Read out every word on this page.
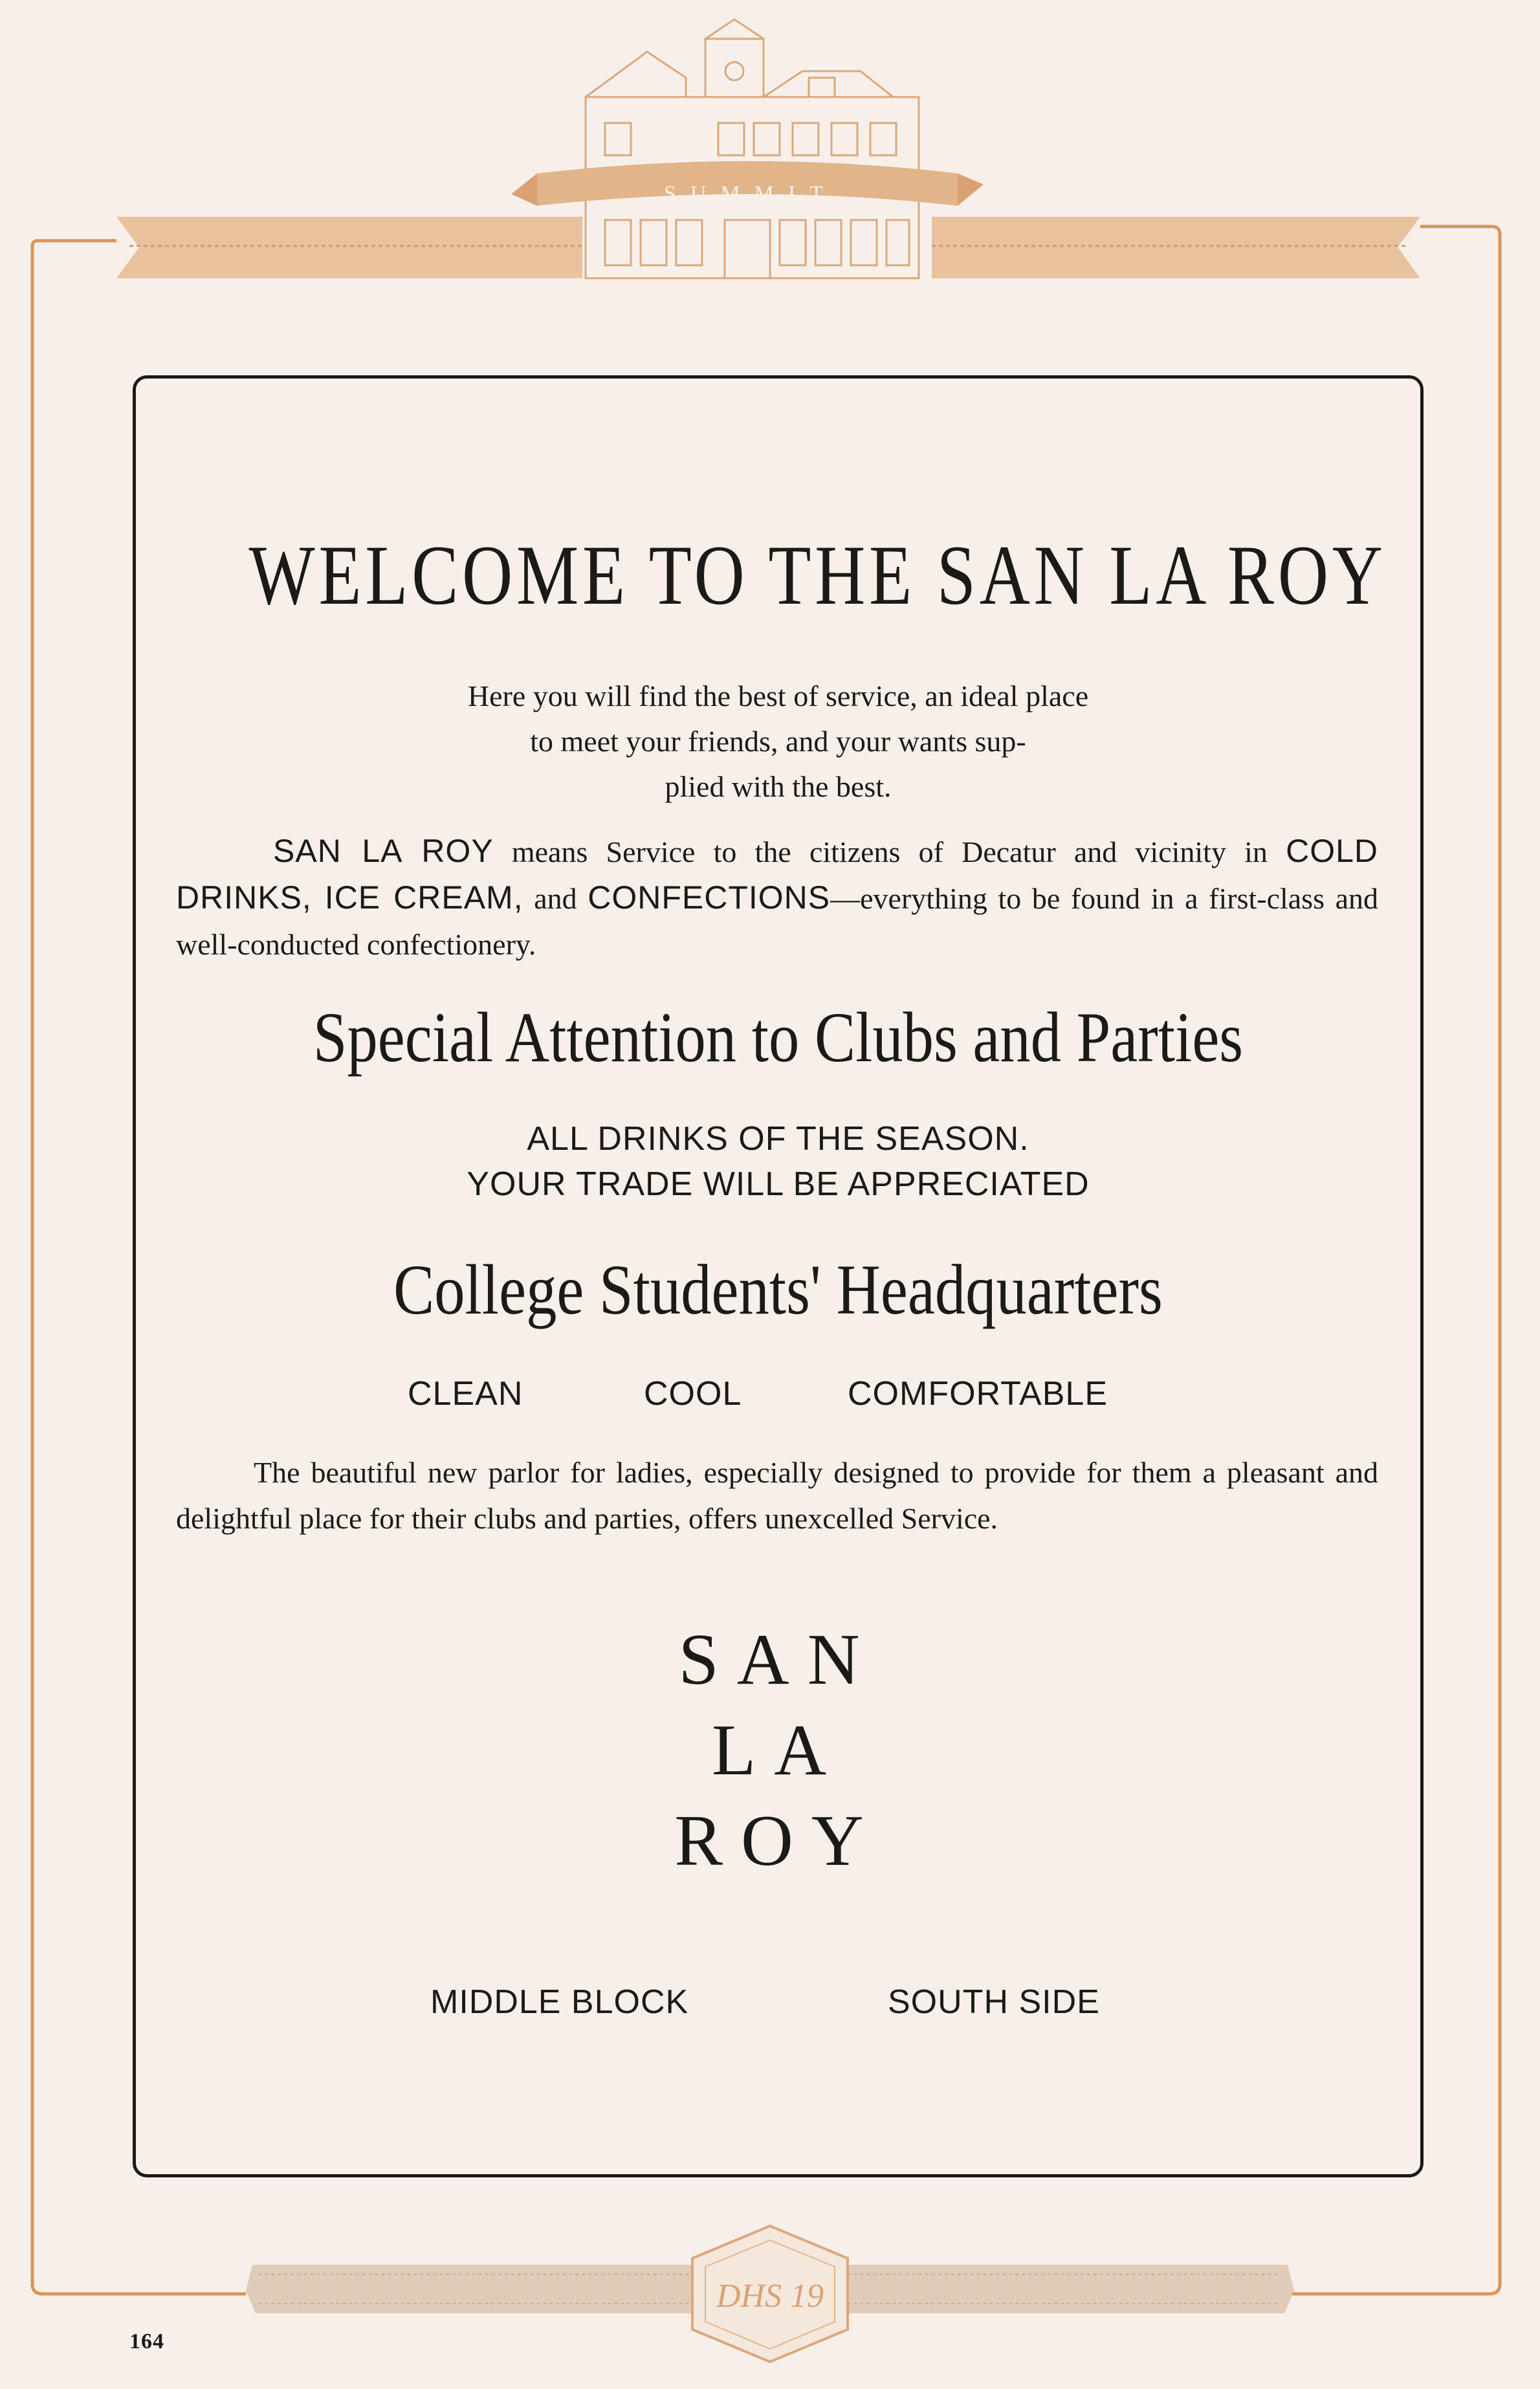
SUMMIT
DHS 19
WELCOME TO THE SAN LA ROY
Here you will find the best of service, an ideal place
to meet your friends, and your wants sup-
plied with the best.
SAN LA ROY means Service to the citizens of Decatur and vicinity in COLD DRINKS, ICE CREAM, and CONFECTIONS—everything to be found in a first-class and well-conducted confectionery.
Special Attention to Clubs and Parties
ALL DRINKS OF THE SEASON.
YOUR TRADE WILL BE APPRECIATED
College Students' Headquarters
CLEAN	COOL	COMFORTABLE
The beautiful new parlor for ladies, especially designed to provide for them a pleasant and delightful place for their clubs and parties, offers unexcelled Service.
SAN
LA
ROY
MIDDLE BLOCK	SOUTH SIDE
164
